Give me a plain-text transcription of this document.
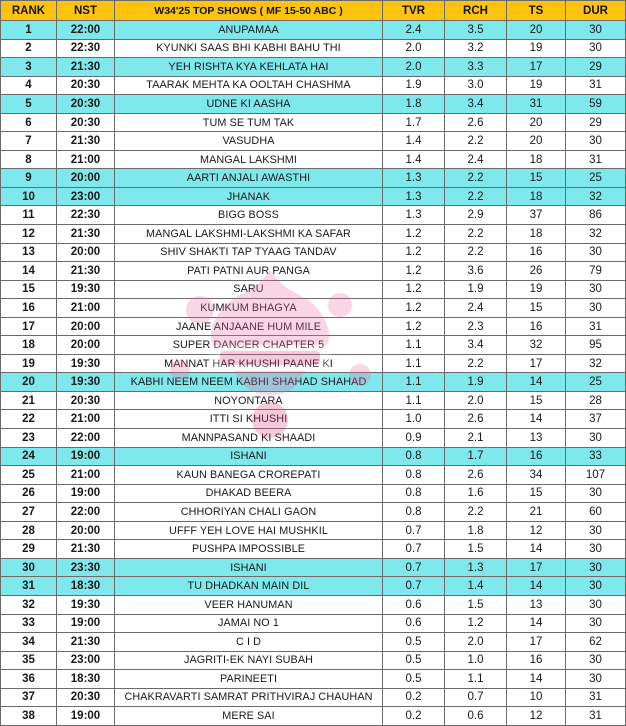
RANK	NST	W34'25 TOP SHOWS ( MF 15-50 ABC )	TVR	RCH	TS	DUR
1	22:00	ANUPAMAA	2.4	3.5	20	30
2	22:30	KYUNKI SAAS BHI KABHI BAHU THI	2.0	3.2	19	30
3	21:30	YEH RISHTA KYA KEHLATA HAI	2.0	3.3	17	29
4	20:30	TAARAK MEHTA KA OOLTAH CHASHMA	1.9	3.0	19	31
5	20:30	UDNE KI AASHA	1.8	3.4	31	59
6	20:30	TUM SE TUM TAK	1.7	2.6	20	29
7	21:30	VASUDHA	1.4	2.2	20	30
8	21:00	MANGAL LAKSHMI	1.4	2.4	18	31
9	20:00	AARTI ANJALI AWASTHI	1.3	2.2	15	25
10	23:00	JHANAK	1.3	2.2	18	32
11	22:30	BIGG BOSS	1.3	2.9	37	86
12	21:30	MANGAL LAKSHMI-LAKSHMI KA SAFAR	1.2	2.2	18	32
13	20:00	SHIV SHAKTI TAP TYAAG TANDAV	1.2	2.2	16	30
14	21:30	PATI PATNI AUR PANGA	1.2	3.6	26	79
15	19:30	SARU	1.2	1.9	19	30
16	21:00	KUMKUM BHAGYA	1.2	2.4	15	30
17	20:00	JAANE ANJAANE HUM MILE	1.2	2.3	16	31
18	20:00	SUPER DANCER CHAPTER 5	1.1	3.4	32	95
19	19:30	MANNAT HAR KHUSHI PAANE KI	1.1	2.2	17	32
20	19:30	KABHI NEEM NEEM KABHI SHAHAD SHAHAD	1.1	1.9	14	25
21	20:30	NOYONTARA	1.1	2.0	15	28
22	21:00	ITTI SI KHUSHI	1.0	2.6	14	37
23	22:00	MANNPASAND KI SHAADI	0.9	2.1	13	30
24	19:00	ISHANI	0.8	1.7	16	33
25	21:00	KAUN BANEGA CROREPATI	0.8	2.6	34	107
26	19:00	DHAKAD BEERA	0.8	1.6	15	30
27	22:00	CHHORIYAN CHALI GAON	0.8	2.2	21	60
28	20:00	UFFF YEH LOVE HAI MUSHKIL	0.7	1.8	12	30
29	21:30	PUSHPA IMPOSSIBLE	0.7	1.5	14	30
30	23:30	ISHANI	0.7	1.3	17	30
31	18:30	TU DHADKAN MAIN DIL	0.7	1.4	14	30
32	19:30	VEER HANUMAN	0.6	1.5	13	30
33	19:00	JAMAI NO 1	0.6	1.2	14	30
34	21:30	C I D	0.5	2.0	17	62
35	23:00	JAGRITI-EK NAYI SUBAH	0.5	1.0	16	30
36	18:30	PARINEETI	0.5	1.1	14	30
37	20:30	CHAKRAVARTI SAMRAT PRITHVIRAJ CHAUHAN	0.2	0.7	10	31
38	19:00	MERE SAI	0.2	0.6	12	31
